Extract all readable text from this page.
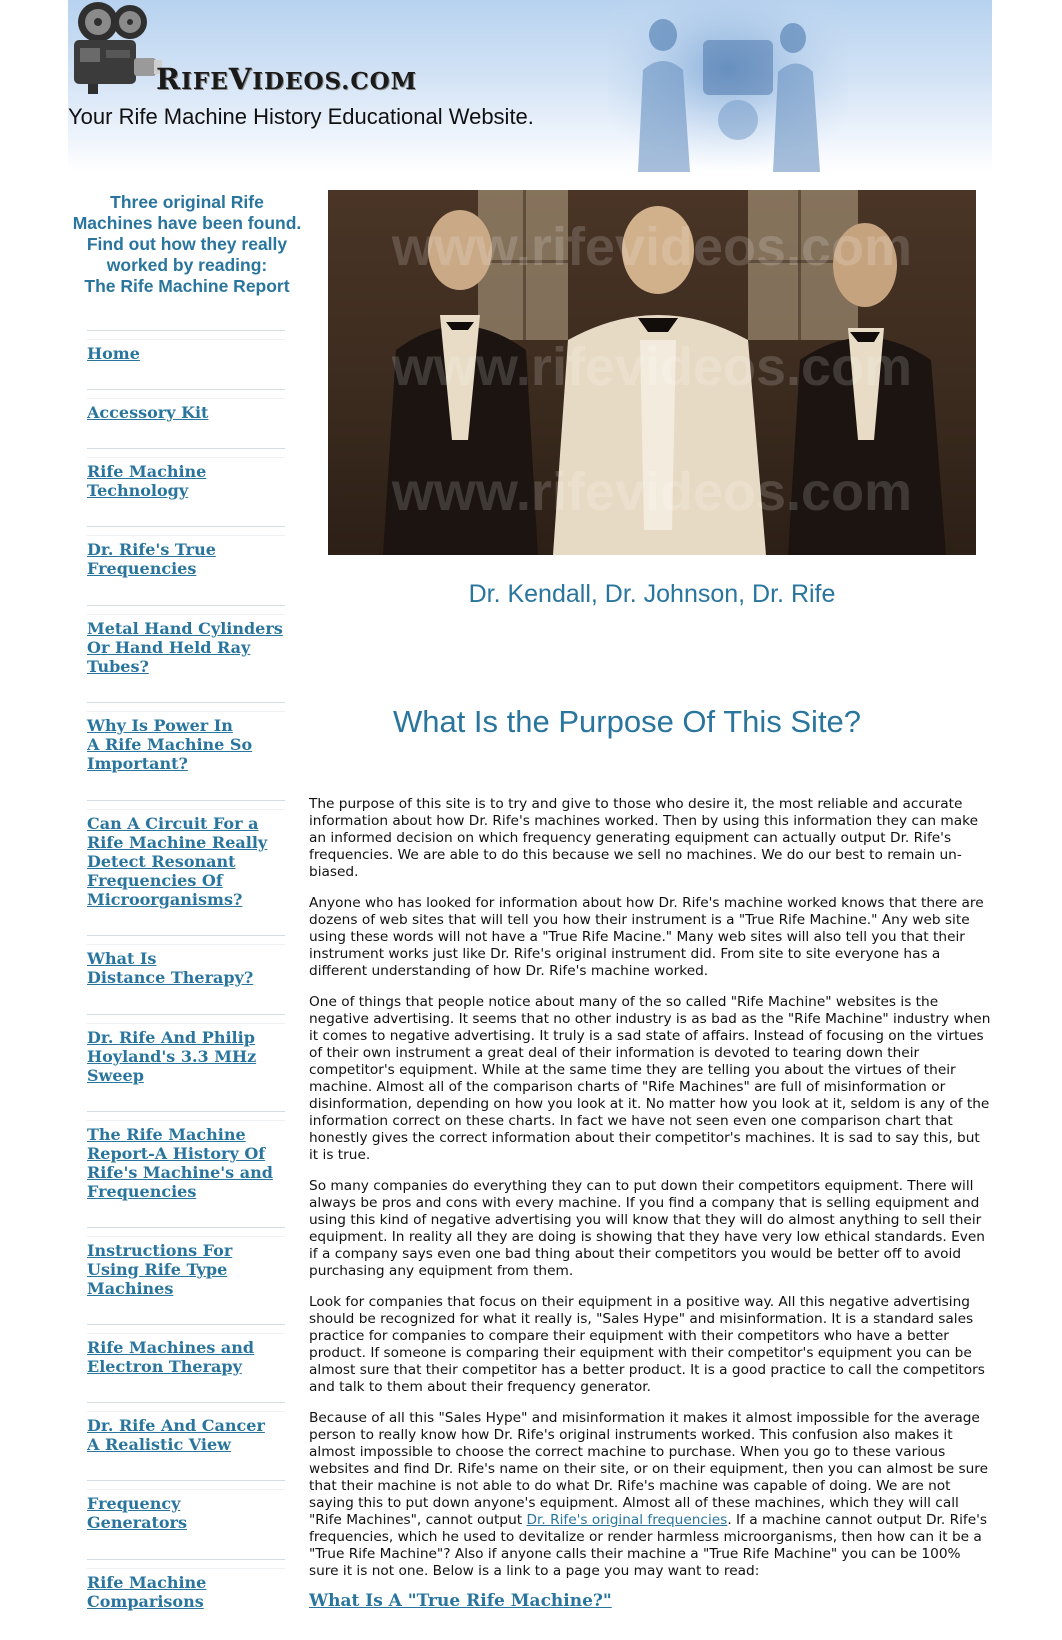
RIFEVIDEOS.COM
Your Rife Machine History Educational Website.
Three original Rife
Machines have been found.
Find out how they really
worked by reading:
The Rife Machine Report
Home
Accessory Kit
Rife Machine
Technology
Dr. Rife's True
Frequencies
Metal Hand Cylinders
Or Hand Held Ray
Tubes?
Why Is Power In
A Rife Machine So
Important?
Can A Circuit For a
Rife Machine Really
Detect Resonant
Frequencies Of
Microorganisms?
What Is
Distance Therapy?
Dr. Rife And Philip
Hoyland's 3.3 MHz
Sweep
The Rife Machine
Report-A History Of
Rife's Machine's and
Frequencies
Instructions For
Using Rife Type
Machines
Rife Machines and
Electron Therapy
Dr. Rife And Cancer
A Realistic View
Frequency
Generators
Rife Machine
Comparisons
www.rifevideos.com
www.rifevideos.com
www.rifevideos.com
Dr. Kendall, Dr. Johnson, Dr. Rife
What Is the Purpose Of This Site?

The purpose of this site is to try and give to those who desire it, the most reliable and accurate information about how Dr. Rife's machines worked. Then by using this information they can make an informed decision on which frequency generating equipment can actually output Dr. Rife's frequencies. We are able to do this because we sell no machines. We do our best to remain un-biased.

Anyone who has looked for information about how Dr. Rife's machine worked knows that there are dozens of web sites that will tell you how their instrument is a "True Rife Machine." Any web site using these words will not have a "True Rife Macine." Many web sites will also tell you that their instrument works just like Dr. Rife's original instrument did. From site to site everyone has a different understanding of how Dr. Rife's machine worked.

One of things that people notice about many of the so called "Rife Machine" websites is the negative advertising. It seems that no other industry is as bad as the "Rife Machine" industry when it comes to negative advertising. It truly is a sad state of affairs. Instead of focusing on the virtues of their own instrument a great deal of their information is devoted to tearing down their competitor's equipment. While at the same time they are telling you about the virtues of their machine. Almost all of the comparison charts of "Rife Machines" are full of misinformation or disinformation, depending on how you look at it. No matter how you look at it, seldom is any of the information correct on these charts. In fact we have not seen even one comparison chart that honestly gives the correct information about their competitor's machines. It is sad to say this, but it is true.

So many companies do everything they can to put down their competitors equipment. There will always be pros and cons with every machine. If you find a company that is selling equipment and using this kind of negative advertising you will know that they will do almost anything to sell their equipment. In reality all they are doing is showing that they have very low ethical standards. Even if a company says even one bad thing about their competitors you would be better off to avoid purchasing any equipment from them.

Look for companies that focus on their equipment in a positive way. All this negative advertising should be recognized for what it really is, "Sales Hype" and misinformation. It is a standard sales practice for companies to compare their equipment with their competitors who have a better product. If someone is comparing their equipment with their competitor's equipment you can be almost sure that their competitor has a better product. It is a good practice to call the competitors and talk to them about their frequency generator.

Because of all this "Sales Hype" and misinformation it makes it almost impossible for the average person to really know how Dr. Rife's original instruments worked. This confusion also makes it almost impossible to choose the correct machine to purchase. When you go to these various websites and find Dr. Rife's name on their site, or on their equipment, then you can almost be sure that their machine is not able to do what Dr. Rife's machine was capable of doing. We are not saying this to put down anyone's equipment. Almost all of these machines, which they will call "Rife Machines", cannot output Dr. Rife's original frequencies. If a machine cannot output Dr. Rife's frequencies, which he used to devitalize or render harmless microorganisms, then how can it be a "True Rife Machine"? Also if anyone calls their machine a "True Rife Machine" you can be 100% sure it is not one. Below is a link to a page you may want to read:

What Is A "True Rife Machine?"
